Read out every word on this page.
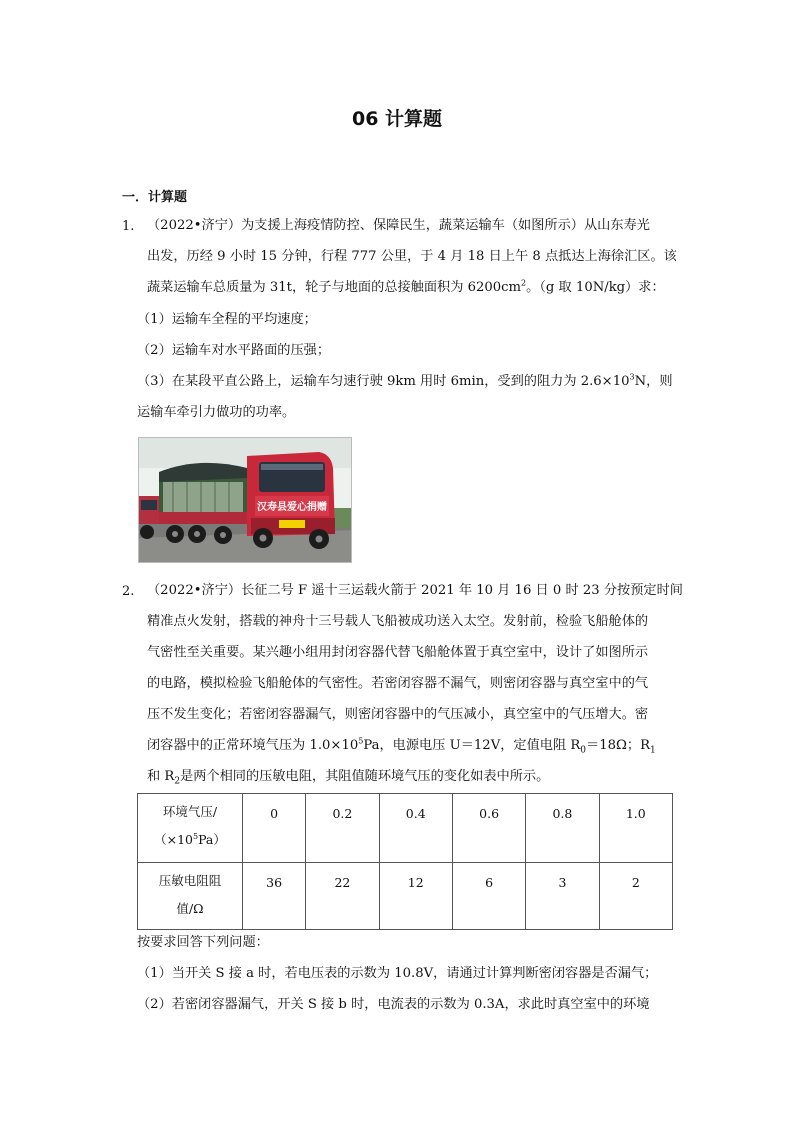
06 计算题
一．计算题
1. （2022•济宁）为支援上海疫情防控、保障民生，蔬菜运输车（如图所示）从山东寿光
出发，历经 9 小时 15 分钟，行程 777 公里，于 4 月 18 日上午 8 点抵达上海徐汇区。该
蔬菜运输车总质量为 31t，轮子与地面的总接触面积为 $6200cm^2$。（g 取 10N/kg）求：
（1）运输车全程的平均速度；
（2）运输车对水平路面的压强；
（3）在某段平直公路上，运输车匀速行驶 9km 用时 6min，受到的阻力为 $2.6\times 10^3N$，则
运输车牵引力做功的功率。
汉寿县爱心捐赠
2. （2022•济宁）长征二号 F 遥十三运载火箭于 2021 年 10 月 16 日 0 时 23 分按预定时间
精准点火发射，搭载的神舟十三号载人飞船被成功送入太空。发射前，检验飞船舱体的
气密性至关重要。某兴趣小组用封闭容器代替飞船舱体置于真空室中，设计了如图所示
的电路，模拟检验飞船舱体的气密性。若密闭容器不漏气，则密闭容器与真空室中的气
压不发生变化；若密闭容器漏气，则密闭容器中的气压减小，真空室中的气压增大。密
闭容器中的正常环境气压为 $1.0\times 10^5Pa$，电源电压 U＝12V，定值电阻 $R_0=18\Omega$；$R_1$
和 $R_2$是两个相同的压敏电阻，其阻值随环境气压的变化如表中所示。
环境气压/
$(\times 10^5Pa)$	0	0.2	0.4	0.6	0.8	1.0

压敏电阻阻
值/Ω	36	22	12	6	3	2
按要求回答下列问题：
（1）当开关 S 接 a 时，若电压表的示数为 10.8V，请通过计算判断密闭容器是否漏气；
（2）若密闭容器漏气，开关 S 接 b 时，电流表的示数为 0.3A，求此时真空室中的环境
